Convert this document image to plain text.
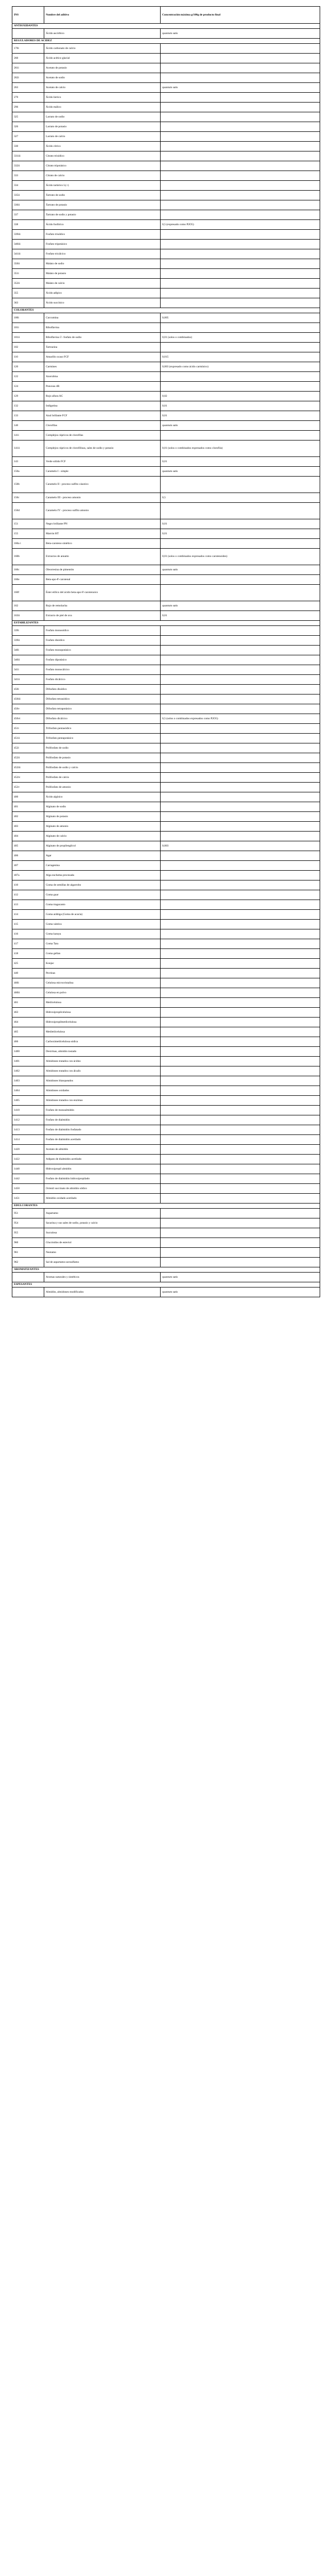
INS	Nombre del aditivo	Concentración máxima g/100g de producto final
ANTIOXIDANTES		
	Ácido ascórbico	quantum satis
REGULADORES DE ACIDEZ		
170i	Ácido carbonato de calcio	
260	Ácido acético glacial	
261i	Acetato de potasio	
262i	Acetato de sodio	
263	Acetato de calcio	quantum satis
270	Ácido láctico	
296	Ácido málico	
325	Lactato de sodio	
326	Lactato de potasio	
327	Lactato de calcio	
330	Ácido cítrico	
331iii	Citrato trisódico	
332ii	Citrato tripotásico	
333	Citrato de calcio	
334	Ácido tartárico L(+)	
335ii	Tartrato de sodio	
336ii	Tartrato de potasio	
337	Tartrato de sodio y potasio	
338	Ácido fosfórico	0,5 (expresado como P2O5)
339iii	Fosfato trisódico	
340iii	Fosfato tripotásico	
341iii	Fosfato tricálcico	
350ii	Malato de sodio	
351i	Malato de potasio	
352ii	Malato de calcio	
355	Ácido adípico	
363	Ácido succínico	
COLORANTES		
100i	Curcumina	0,005
101i	Riboflavina	
101ii	Riboflavina 5'- fosfato de sodio	0,01 (solos o combinados)
102	Tartrazina	
110	Amarillo ocaso FCF	0,015
120	Carmines	0,003 (expresado como ácido carmínico)
122	Azorubina	
124	Ponceau 4R	
129	Rojo allura AC	0,02
132	Indigotina	0,01
133	Azul brillante FCF	0,01
140	Clorofilas	quantum satis
141i	Complejos cúpricos de clorofilas	
141ii	Complejos cúpricos de clorofilinas, sales de sodio y potasio	0,01 (solos o combinados expresados como clorofila)
143	Verde sólido FCF	0,01
150a	Caramelo I - simple	quantum satis
150b	Caramelo II - proceso sulfito cáustico	
150c	Caramelo III - proceso amonio	0,5
150d	Caramelo IV - proceso sulfito amonio	
151	Negro brillante PN	0,01
155	Marrón HT	0,01
160a i	Beta-caroteno sintético	
160b	Extractos de annatto	0,01 (solos o combinados expresados como carotenoides)
160c	Oleorresina de pimentón	quantum satis
160e	Beta-apo-8'-carotenal	
160f	Éster etílico del ácido beta-apo-8'-carotenoico	
162	Rojo de remolacha	quantum satis
163ii	Extracto de piel de uva	0,01
ESTABILIZANTES		
339i	Fosfato monosódico	
339ii	Fosfato disódico	
340i	Fosfato monopotásico	
340ii	Fosfato dipotásico	
341i	Fosfato monocálcico	
341ii	Fosfato dicálcico	
450i	Difosfato disódico	
450iii	Difosfato tetrasódico	
450v	Difosfato tetrapotásico	
450vi	Difosfato dicálcico	0,5 (solos o combinados expresados como P2O5)
451i	Trifosfato pentasódico	
451ii	Trifosfato pentapotásico	
452i	Polifosfato de sodio	
452ii	Polifosfato de potasio	
452iii	Polifosfato de sodio y calcio	
452iv	Polifosfato de calcio	
452v	Polifosfato de amonio	
400	Ácido algínico	
401	Alginato de sodio	
402	Alginato de potasio	
403	Alginato de amonio	
404	Alginato de calcio	
405	Alginato de propilenglicol	0,003
406	Agar	
407	Carragenina	
407a	Alga euchema procesada	
410	Goma de semillas de algarrobo	
412	Goma guar	
413	Goma tragacanto	
414	Goma arábiga (Goma de acacia)	
415	Goma xántica	
416	Goma karaya	
417	Goma Tara	
418	Goma gellan	
425	Konjac	
440	Pectinas	
460i	Celulosa microcristalina	
460ii	Celulosa en polvo	
461	Metilcelulosa	
463	Hidroxipropilcelulosa	
464	Hidroxipropilmetilcelulosa	
465	Metiletilcelulosa	
466	Carboximetilcelulosa sódica	
1400	Dextrinas, almidón tostado	
1401	Almidones tratados con ácidos	
1402	Almidones tratados con álcalis	
1403	Almidones blanqueados	
1404	Almidones oxidados	
1405	Almidones tratados con enzimas	
1410	Fosfato de monoalmidón	
1412	Fosfato de dialmidón	
1413	Fosfato de dialmidón fosfatado	
1414	Fosfato de dialmidón acetilado	
1420	Acetato de almidón	
1422	Adipato de dialmidón acetilado	
1440	Hidroxipropil almidón	
1442	Fosfato de dialmidón hidroxipropilado	
1450	Octenil succinato de almidón sódico	
1451	Almidón oxidado acetilado	
EDULCORANTES		
951	Aspartamo	
954	Sacarina y sus sales de sodio, potasio y calcio	
955	Sucralosa	
960	Glucósidos de esteviol	
961	Neotamo	
962	Sal de aspartamo-acesulfamo	
AROMATIZANTES		
	Aromas naturales y sintéticos	quantum satis
ESPESANTES		
	Almidón, almidones modificados	quantum satis
